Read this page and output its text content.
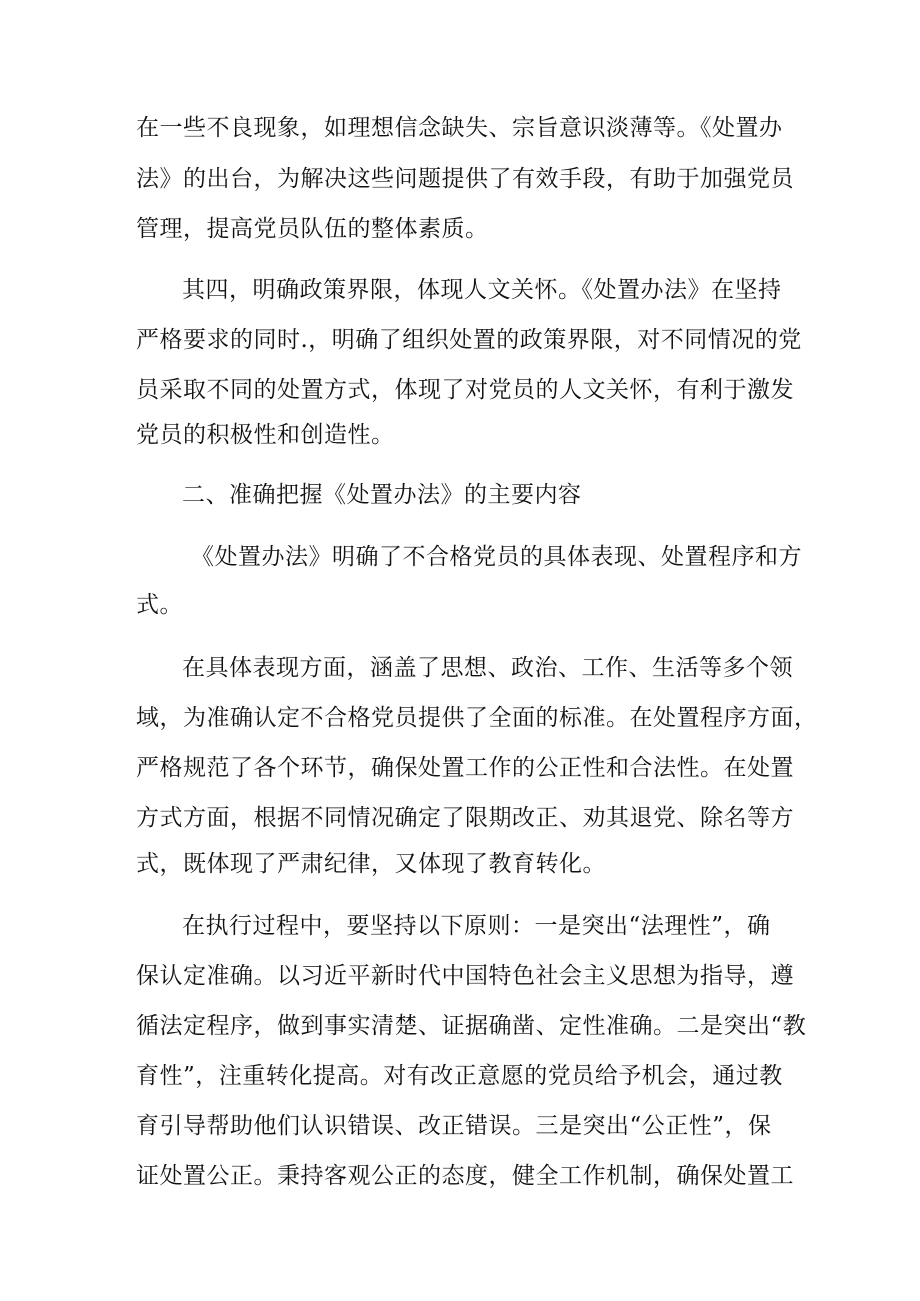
在一些不良现象，如理想信念缺失、宗旨意识淡薄等。《处置办
法》的出台，为解决这些问题提供了有效手段，有助于加强党员
管理，提高党员队伍的整体素质。
其四，明确政策界限，体现人文关怀。《处置办法》在坚持
严格要求的同时.，明确了组织处置的政策界限，对不同情况的党
员采取不同的处置方式，体现了对党员的人文关怀，有利于激发
党员的积极性和创造性。
二、准确把握《处置办法》的主要内容
《处置办法》明确了不合格党员的具体表现、处置程序和方
式。
在具体表现方面，涵盖了思想、政治、工作、生活等多个领
域，为准确认定不合格党员提供了全面的标准。在处置程序方面，
严格规范了各个环节，确保处置工作的公正性和合法性。在处置
方式方面，根据不同情况确定了限期改正、劝其退党、除名等方
式，既体现了严肃纪律，又体现了教育转化。
在执行过程中，要坚持以下原则：一是突出“法理性”，确
保认定准确。以习近平新时代中国特色社会主义思想为指导，遵
循法定程序，做到事实清楚、证据确凿、定性准确。二是突出“教
育性”，注重转化提高。对有改正意愿的党员给予机会，通过教
育引导帮助他们认识错误、改正错误。三是突出“公正性”，保
证处置公正。秉持客观公正的态度，健全工作机制，确保处置工
